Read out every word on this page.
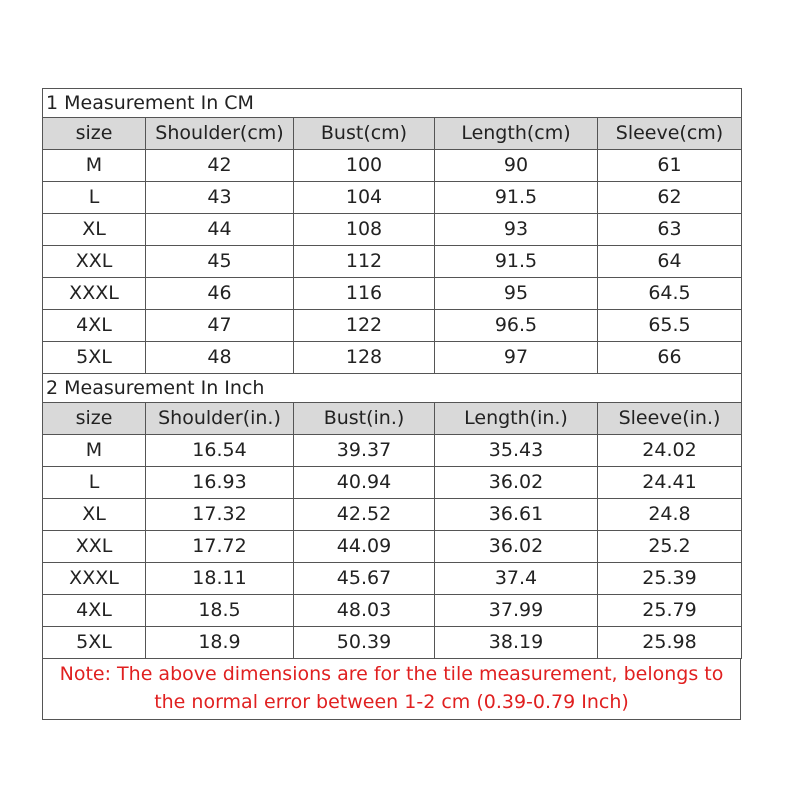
1 Measurement In CM				
size	Shoulder(cm)	Bust(cm)	Length(cm)	Sleeve(cm)
M	42	100	90	61
L	43	104	91.5	62
XL	44	108	93	63
XXL	45	112	91.5	64
XXXL	46	116	95	64.5
4XL	47	122	96.5	65.5
5XL	48	128	97	66
2 Measurement In Inch				
size	Shoulder(in.)	Bust(in.)	Length(in.)	Sleeve(in.)
M	16.54	39.37	35.43	24.02
L	16.93	40.94	36.02	24.41
XL	17.32	42.52	36.61	24.8
XXL	17.72	44.09	36.02	25.2
XXXL	18.11	45.67	37.4	25.39
4XL	18.5	48.03	37.99	25.79
5XL	18.9	50.39	38.19	25.98
Note: The above dimensions are for the tile measurement, belongs to
the normal error between 1-2 cm (0.39-0.79 Inch)
